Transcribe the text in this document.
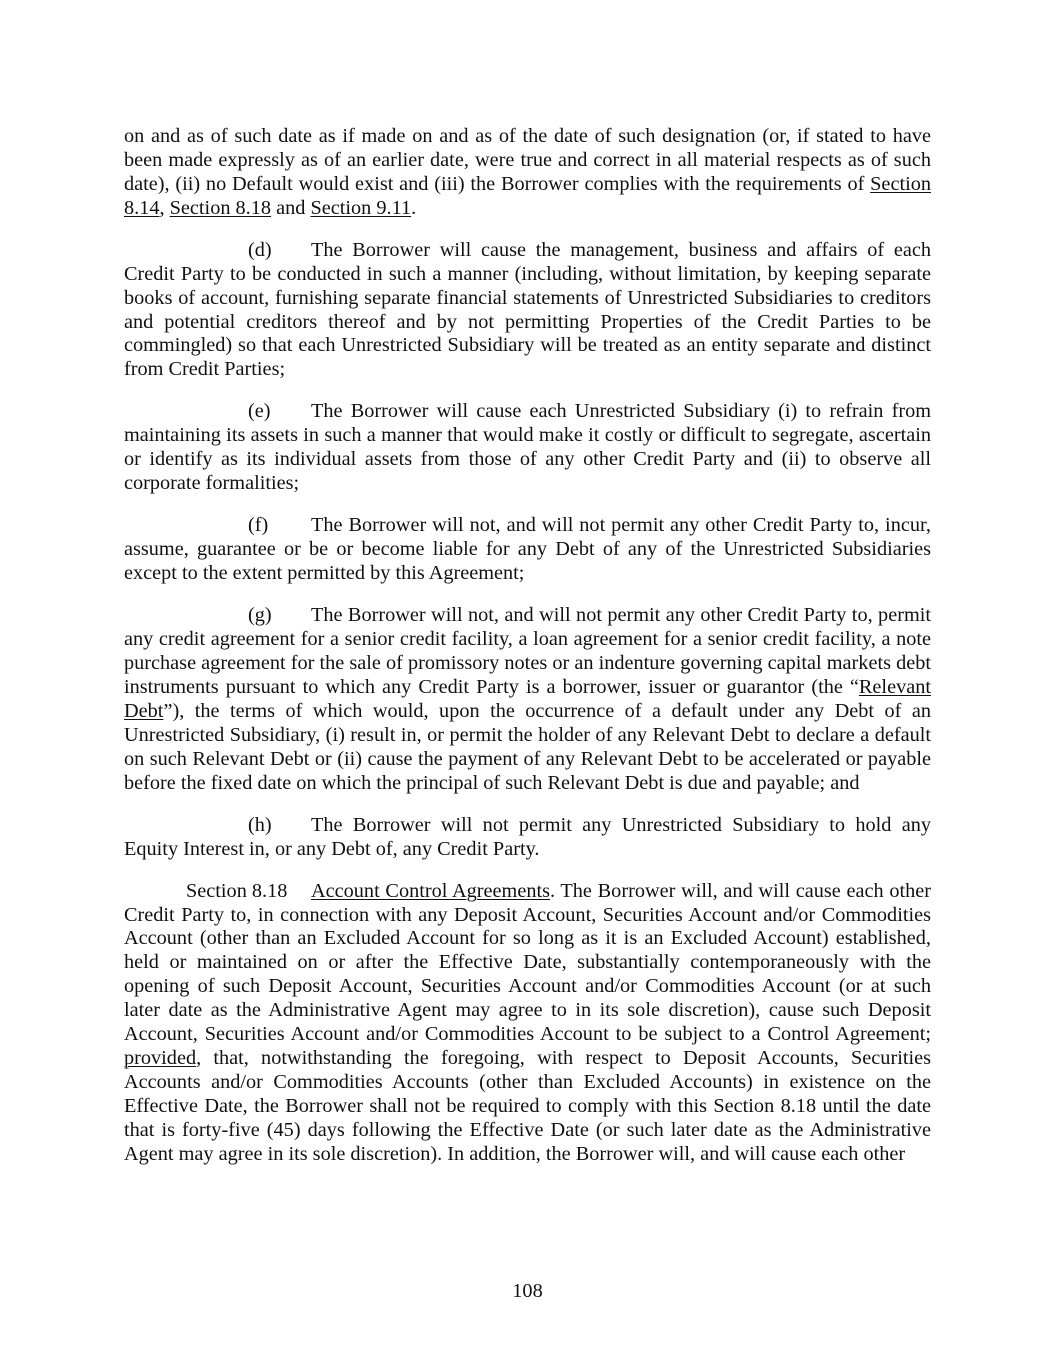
on and as of such date as if made on and as of the date of such designation (or, if stated to have been made expressly as of an earlier date, were true and correct in all material respects as of such date), (ii) no Default would exist and (iii) the Borrower complies with the requirements of Section 8.14, Section 8.18 and Section 9.11.

(d) The Borrower will cause the management, business and affairs of each Credit Party to be conducted in such a manner (including, without limitation, by keeping separate books of account, furnishing separate financial statements of Unrestricted Subsidiaries to creditors and potential creditors thereof and by not permitting Properties of the Credit Parties to be commingled) so that each Unrestricted Subsidiary will be treated as an entity separate and distinct from Credit Parties;

(e) The Borrower will cause each Unrestricted Subsidiary (i) to refrain from maintaining its assets in such a manner that would make it costly or difficult to segregate, ascertain or identify as its individual assets from those of any other Credit Party and (ii) to observe all corporate formalities;

(f) The Borrower will not, and will not permit any other Credit Party to, incur, assume, guarantee or be or become liable for any Debt of any of the Unrestricted Subsidiaries except to the extent permitted by this Agreement;

(g) The Borrower will not, and will not permit any other Credit Party to, permit any credit agreement for a senior credit facility, a loan agreement for a senior credit facility, a note purchase agreement for the sale of promissory notes or an indenture governing capital markets debt instruments pursuant to which any Credit Party is a borrower, issuer or guarantor (the “Relevant Debt”), the terms of which would, upon the occurrence of a default under any Debt of an Unrestricted Subsidiary, (i) result in, or permit the holder of any Relevant Debt to declare a default on such Relevant Debt or (ii) cause the payment of any Relevant Debt to be accelerated or payable before the fixed date on which the principal of such Relevant Debt is due and payable; and

(h) The Borrower will not permit any Unrestricted Subsidiary to hold any Equity Interest in, or any Debt of, any Credit Party.

Section 8.18 Account Control Agreements. The Borrower will, and will cause each other Credit Party to, in connection with any Deposit Account, Securities Account and/or Commodities Account (other than an Excluded Account for so long as it is an Excluded Account) established, held or maintained on or after the Effective Date, substantially contemporaneously with the opening of such Deposit Account, Securities Account and/or Commodities Account (or at such later date as the Administrative Agent may agree to in its sole discretion), cause such Deposit Account, Securities Account and/or Commodities Account to be subject to a Control Agreement; provided, that, notwithstanding the foregoing, with respect to Deposit Accounts, Securities Accounts and/or Commodities Accounts (other than Excluded Accounts) in existence on the Effective Date, the Borrower shall not be required to comply with this Section 8.18 until the date that is forty-five (45) days following the Effective Date (or such later date as the Administrative Agent may agree in its sole discretion). In addition, the Borrower will, and will cause each other

108
